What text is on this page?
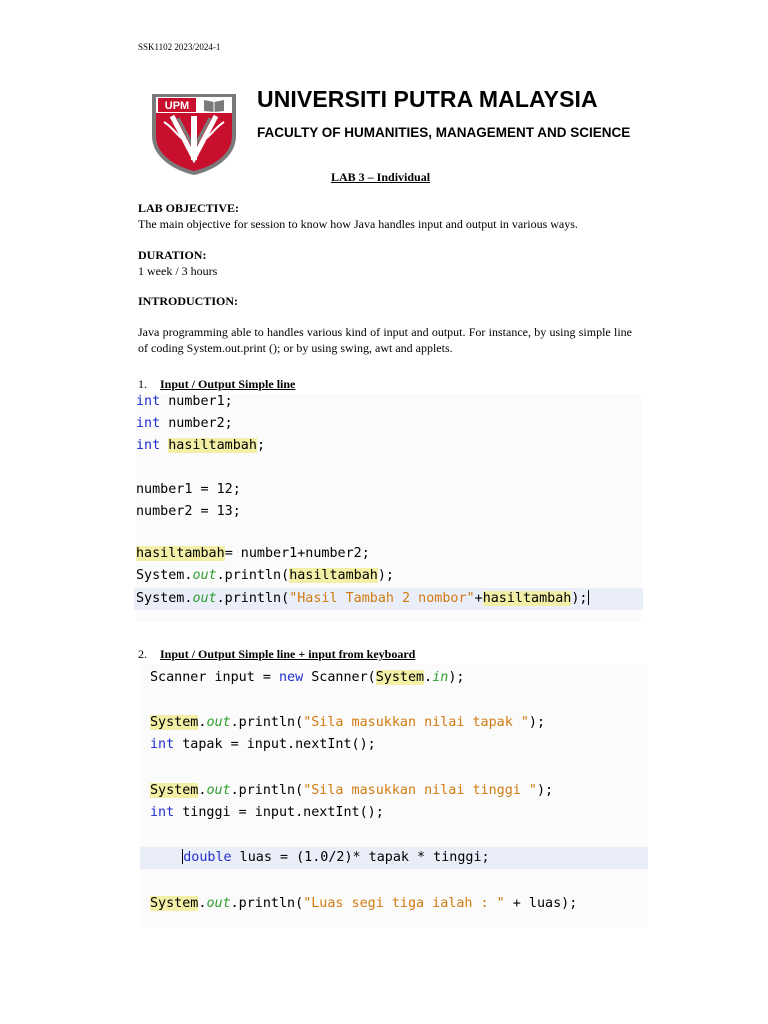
SSK1102 2023/2024-1
UPM	UNIVERSITI PUTRA MALAYSIA
FACULTY OF HUMANITIES, MANAGEMENT AND SCIENCE
LAB 3 – Individual
LAB OBJECTIVE:
The main objective for session to know how Java handles input and output in various ways.
DURATION:
1 week / 3 hours
INTRODUCTION:
Java programming able to handles various kind of input and output. For instance, by using simple line of coding System.out.print (); or by using swing, awt and applets.
1. Input / Output Simple line
int number1;
int number2;
int hasiltambah;
number1 = 12;
number2 = 13;
hasiltambah= number1+number2;
System.out.println(hasiltambah);
System.out.println("Hasil Tambah 2 nombor"+hasiltambah);
2. Input / Output Simple line + input from keyboard
Scanner input = new Scanner(System.in);
System.out.println("Sila masukkan nilai tapak ");
int tapak = input.nextInt();
System.out.println("Sila masukkan nilai tinggi ");
int tinggi = input.nextInt();
double luas = (1.0/2)* tapak * tinggi;
System.out.println("Luas segi tiga ialah : " + luas);
